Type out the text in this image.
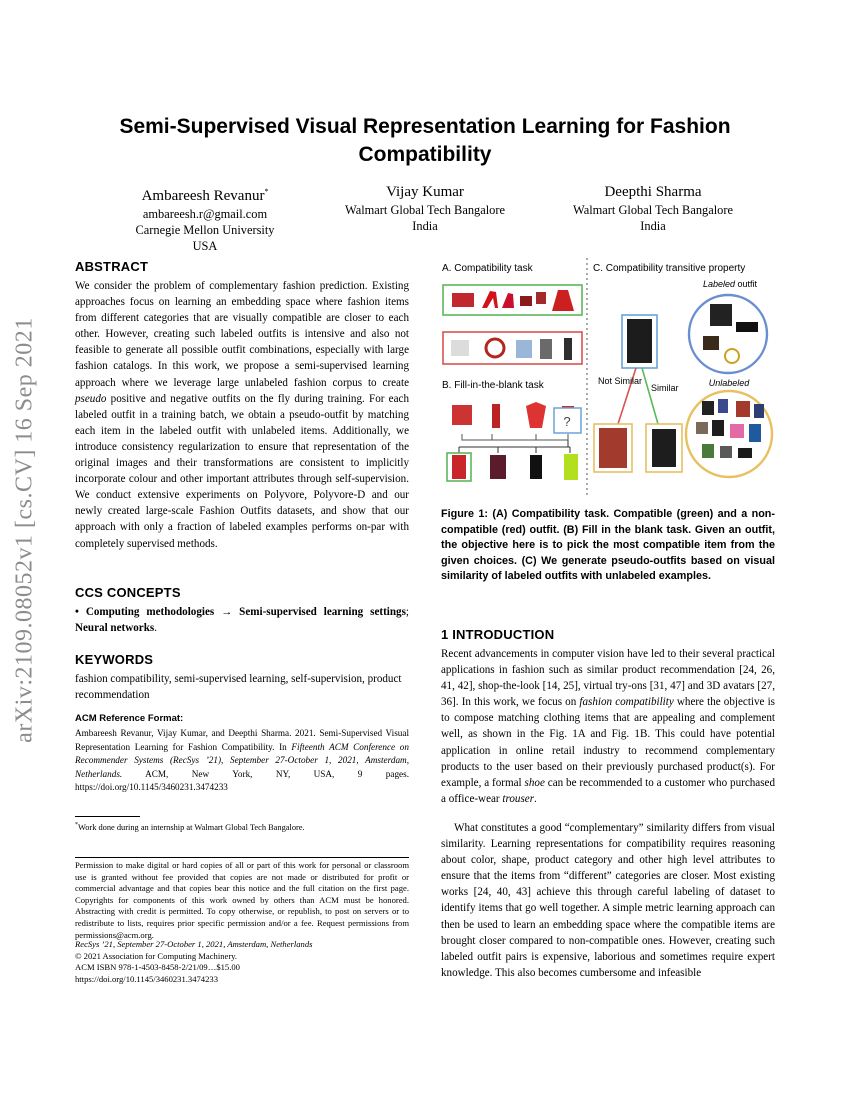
arXiv:2109.08052v1 [cs.CV] 16 Sep 2021
Semi-Supervised Visual Representation Learning for Fashion Compatibility
Ambareesh Revanur*
ambareesh.r@gmail.com
Carnegie Mellon University
USA
Vijay Kumar
Walmart Global Tech Bangalore
India
Deepthi Sharma
Walmart Global Tech Bangalore
India
ABSTRACT
We consider the problem of complementary fashion prediction. Existing approaches focus on learning an embedding space where fashion items from different categories that are visually compatible are closer to each other. However, creating such labeled outfits is intensive and also not feasible to generate all possible outfit combinations, especially with large fashion catalogs. In this work, we propose a semi-supervised learning approach where we leverage large unlabeled fashion corpus to create pseudo positive and negative outfits on the fly during training. For each labeled outfit in a training batch, we obtain a pseudo-outfit by matching each item in the labeled outfit with unlabeled items. Additionally, we introduce consistency regularization to ensure that representation of the original images and their transformations are consistent to implicitly incorporate colour and other important attributes through self-supervision. We conduct extensive experiments on Polyvore, Polyvore-D and our newly created large-scale Fashion Outfits datasets, and show that our approach with only a fraction of labeled examples performs on-par with completely supervised methods.
CCS CONCEPTS
• Computing methodologies → Semi-supervised learning settings; Neural networks.
KEYWORDS
fashion compatibility, semi-supervised learning, self-supervision, product recommendation
ACM Reference Format:
Ambareesh Revanur, Vijay Kumar, and Deepthi Sharma. 2021. Semi-Supervised Visual Representation Learning for Fashion Compatibility. In Fifteenth ACM Conference on Recommender Systems (RecSys ’21), September 27-October 1, 2021, Amsterdam, Netherlands. ACM, New York, NY, USA, 9 pages. https://doi.org/10.1145/3460231.3474233
*Work done during an internship at Walmart Global Tech Bangalore.
Permission to make digital or hard copies of all or part of this work for personal or classroom use is granted without fee provided that copies are not made or distributed for profit or commercial advantage and that copies bear this notice and the full citation on the first page. Copyrights for components of this work owned by others than ACM must be honored. Abstracting with credit is permitted. To copy otherwise, or republish, to post on servers or to redistribute to lists, requires prior specific permission and/or a fee. Request permissions from permissions@acm.org.
RecSys ’21, September 27-October 1, 2021, Amsterdam, Netherlands
© 2021 Association for Computing Machinery.
ACM ISBN 978-1-4503-8458-2/21/09…$15.00
https://doi.org/10.1145/3460231.3474233
A. Compatibility task
B. Fill-in-the-blank task
?
C. Compatibility transitive property
Labeled outfit
Not Similar
Similar	Unlabeled
Figure 1: (A) Compatibility task. Compatible (green) and a non-compatible (red) outfit. (B) Fill in the blank task. Given an outfit, the objective here is to pick the most compatible item from the given choices. (C) We generate pseudo-outfits based on visual similarity of labeled outfits with unlabeled examples.
1 INTRODUCTION
Recent advancements in computer vision have led to their several practical applications in fashion such as similar product recommendation [24, 26, 41, 42], shop-the-look [14, 25], virtual try-ons [31, 47] and 3D avatars [27, 36]. In this work, we focus on fashion compatibility where the objective is to compose matching clothing items that are appealing and complement well, as shown in the Fig. 1A and Fig. 1B. This could have potential application in online retail industry to recommend complementary products to the user based on their previously purchased product(s). For example, a formal shoe can be recommended to a customer who purchased a office-wear trouser.
What constitutes a good “complementary” similarity differs from visual similarity. Learning representations for compatibility requires reasoning about color, shape, product category and other high level attributes to ensure that the items from “different” categories are closer. Most existing works [24, 40, 43] achieve this through careful labeling of dataset to identify items that go well together. A simple metric learning approach can then be used to learn an embedding space where the compatible items are brought closer compared to non-compatible ones. However, creating such labeled outfit pairs is expensive, laborious and sometimes require expert knowledge. This also becomes cumbersome and infeasible
